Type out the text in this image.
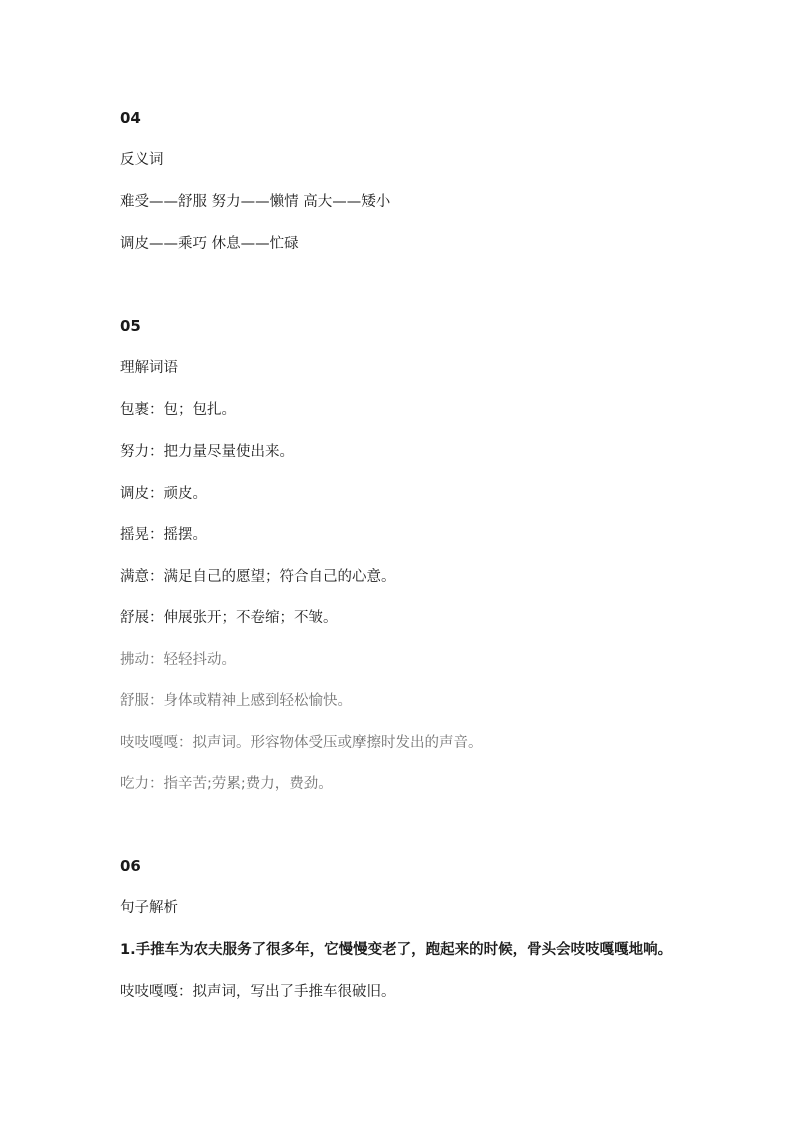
04
反义词
难受——舒服 努力——懒情 高大——矮小
调皮——乘巧 休息——忙碌
05
理解词语
包裹：包；包扎。
努力：把力量尽量使出来。
调皮：顽皮。
摇晃：摇摆。
满意：满足自己的愿望；符合自己的心意。
舒展：伸展张开；不卷缩；不皱。
拂动：轻轻抖动。
舒服：身体或精神上感到轻松愉快。
吱吱嘎嘎：拟声词。形容物体受压或摩擦时发出的声音。
吃力：指辛苦;劳累;费力，费劲。
06
句子解析
1.手推车为农夫服务了很多年，它慢慢变老了，跑起来的时候，骨头会吱吱嘎嘎地响。
吱吱嘎嘎：拟声词，写出了手推车很破旧。
